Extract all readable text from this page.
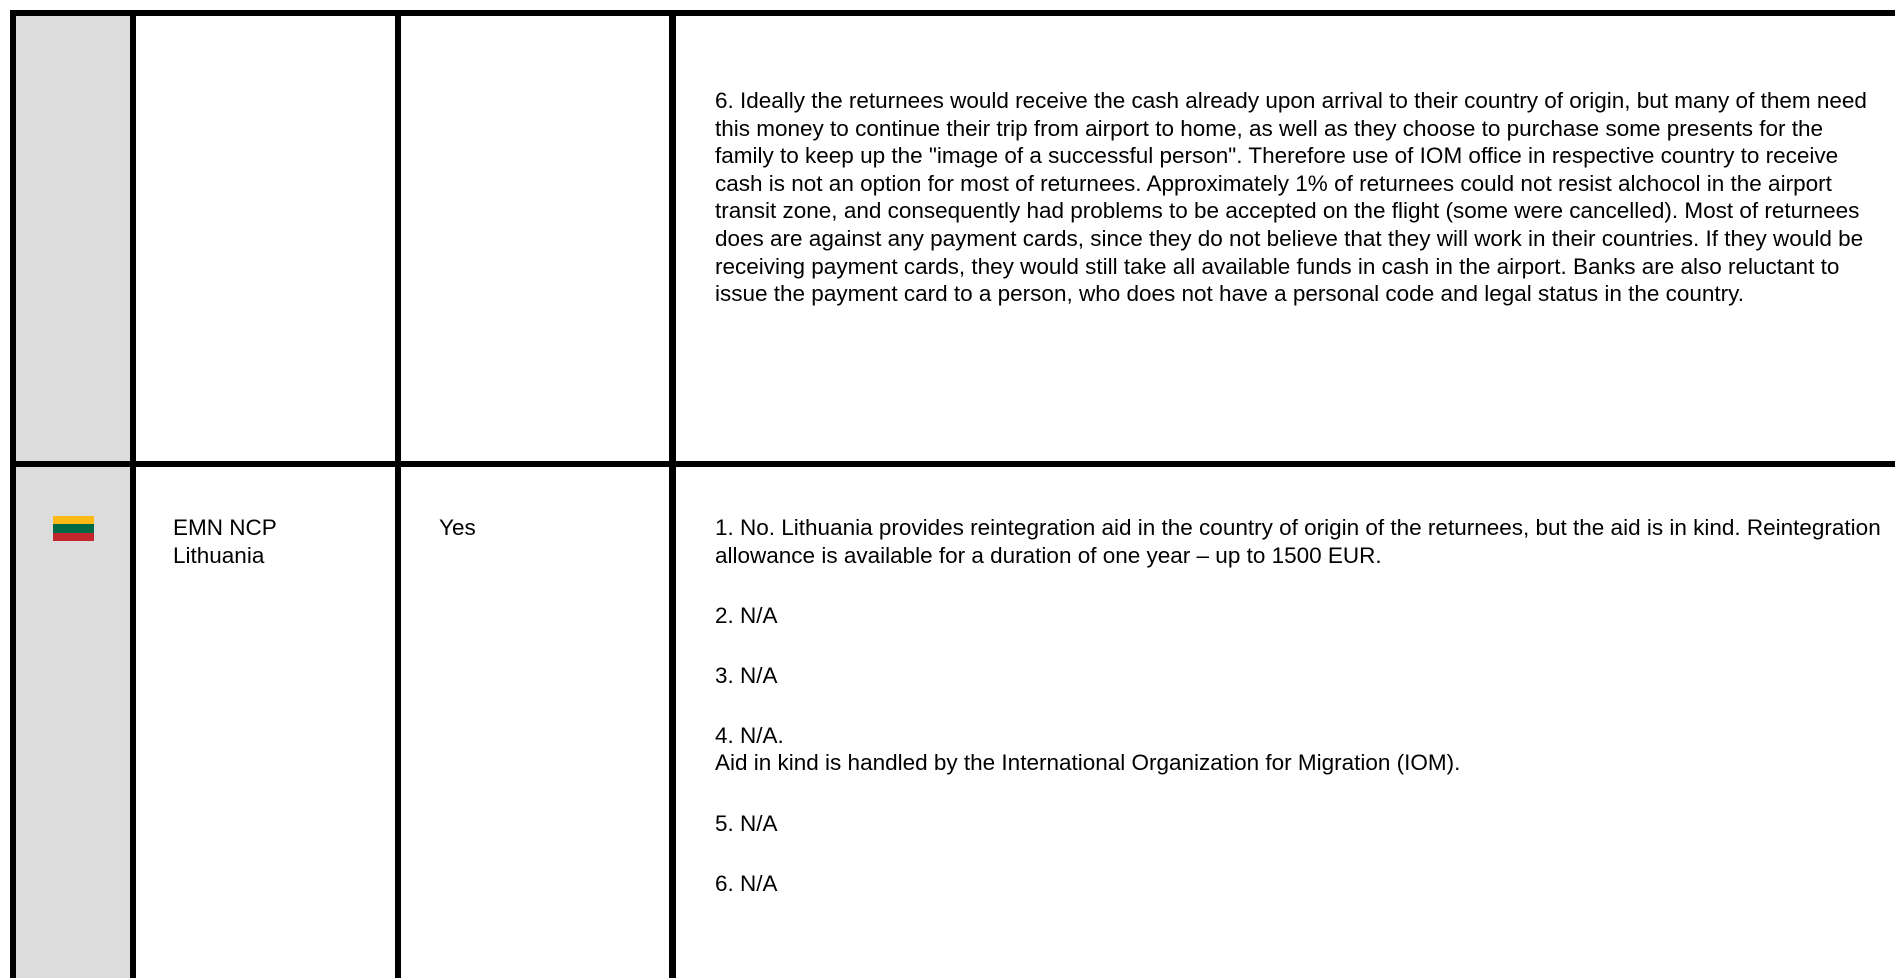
6. Ideally the returnees would receive the cash already upon arrival to their country of origin, but many of them need this money to continue their trip from airport to home, as well as they choose to purchase some presents for the family to keep up the "image of a successful person". Therefore use of IOM office in respective country to receive cash is not an option for most of returnees. Approximately 1% of returnees could not resist alchocol in the airport transit zone, and consequently had problems to be accepted on the flight (some were cancelled). Most of returnees does are against any payment cards, since they do not believe that they will work in their countries. If they would be receiving payment cards, they would still take all available funds in cash in the airport. Banks are also reluctant to issue the payment card to a person, who does not have a personal code and legal status in the country.
EMN NCP
Lithuania
Yes	1. No. Lithuania provides reintegration aid in the country of origin of the returnees, but the aid is in kind. Reintegration allowance is available for a duration of one year – up to 1500 EUR.

2. N/A

3. N/A

4. N/A.
Aid in kind is handled by the International Organization for Migration (IOM).

5. N/A

6. N/A
